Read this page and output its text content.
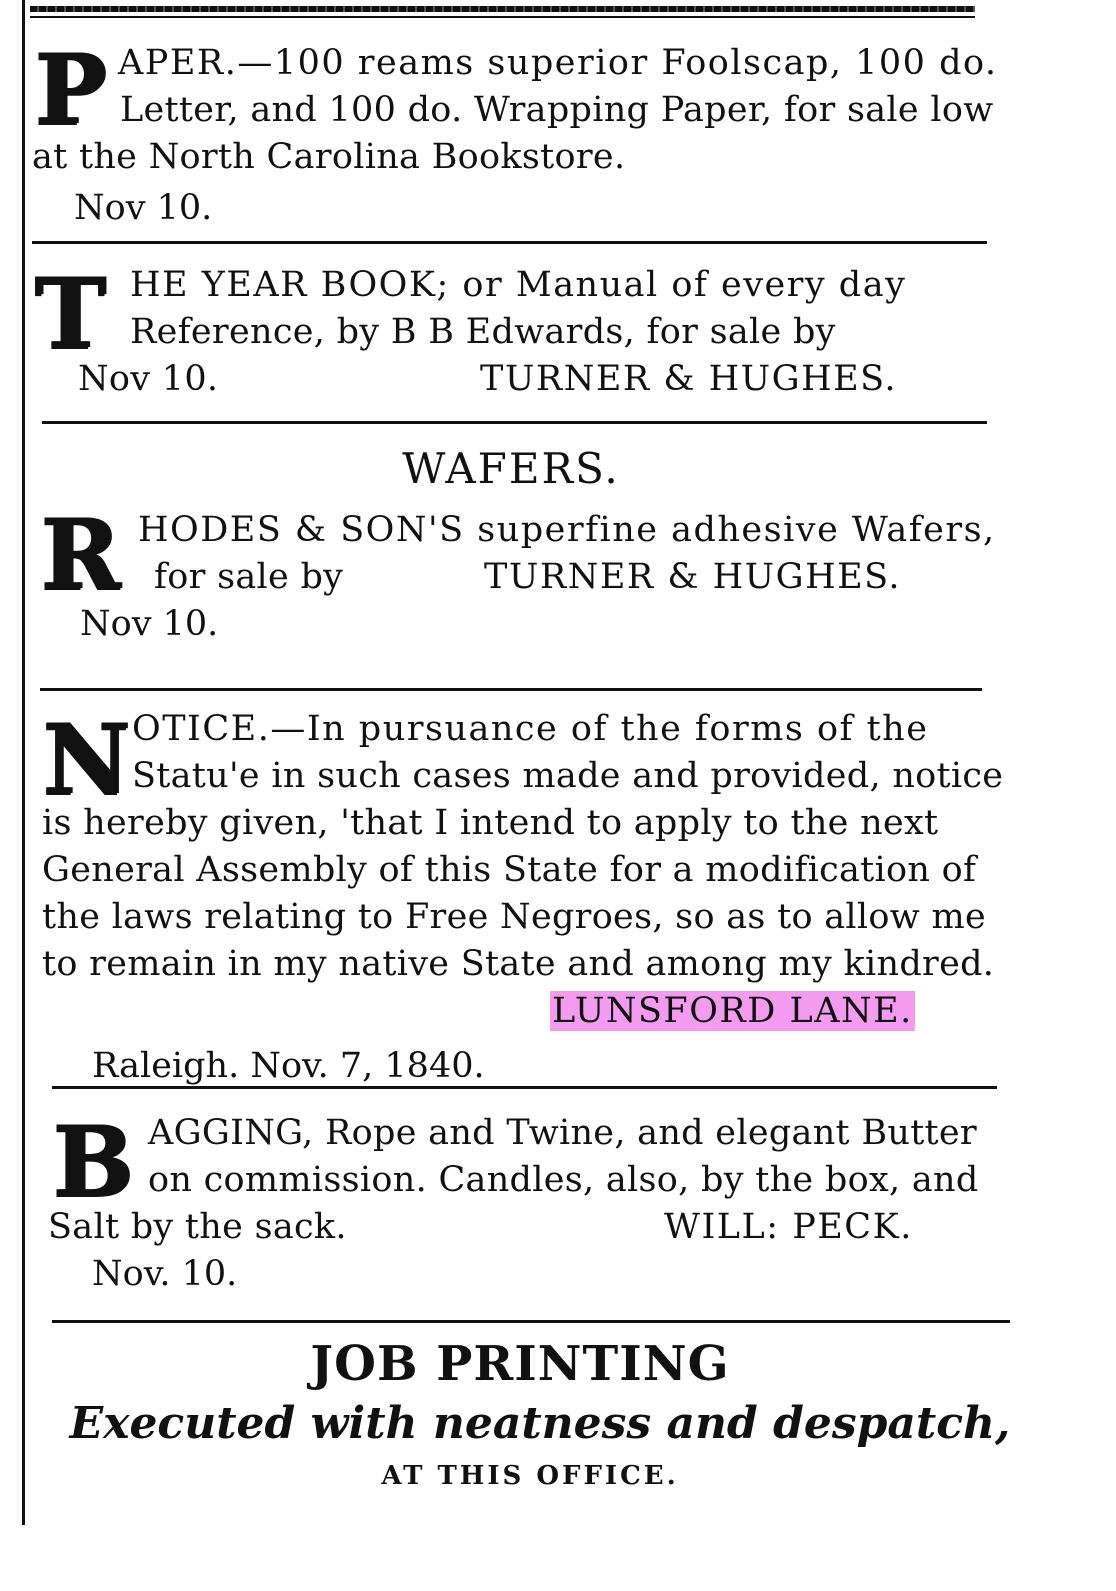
P APER.—100 reams superior Foolscap, 100 do.
Letter, and 100 do. Wrapping Paper, for sale low
at the North Carolina Bookstore.
Nov 10.
T HE YEAR BOOK; or Manual of every day
Reference, by B B Edwards, for sale by
Nov 10.	TURNER & HUGHES.
WAFERS.
R HODES & SON'S superfine adhesive Wafers,
for sale by	TURNER & HUGHES.
Nov 10.
N OTICE.—In pursuance of the forms of the
Statu'e in such cases made and provided, notice
is hereby given, 'that I intend to apply to the next
General Assembly of this State for a modification of
the laws relating to Free Negroes, so as to allow me
to remain in my native State and among my kindred.
LUNSFORD LANE.
Raleigh. Nov. 7, 1840.
B AGGING, Rope and Twine, and elegant Butter
on commission. Candles, also, by the box, and
Salt by the sack.	WILL: PECK.
Nov. 10.
JOB PRINTING
Executed with neatness and despatch,
AT THIS OFFICE.
